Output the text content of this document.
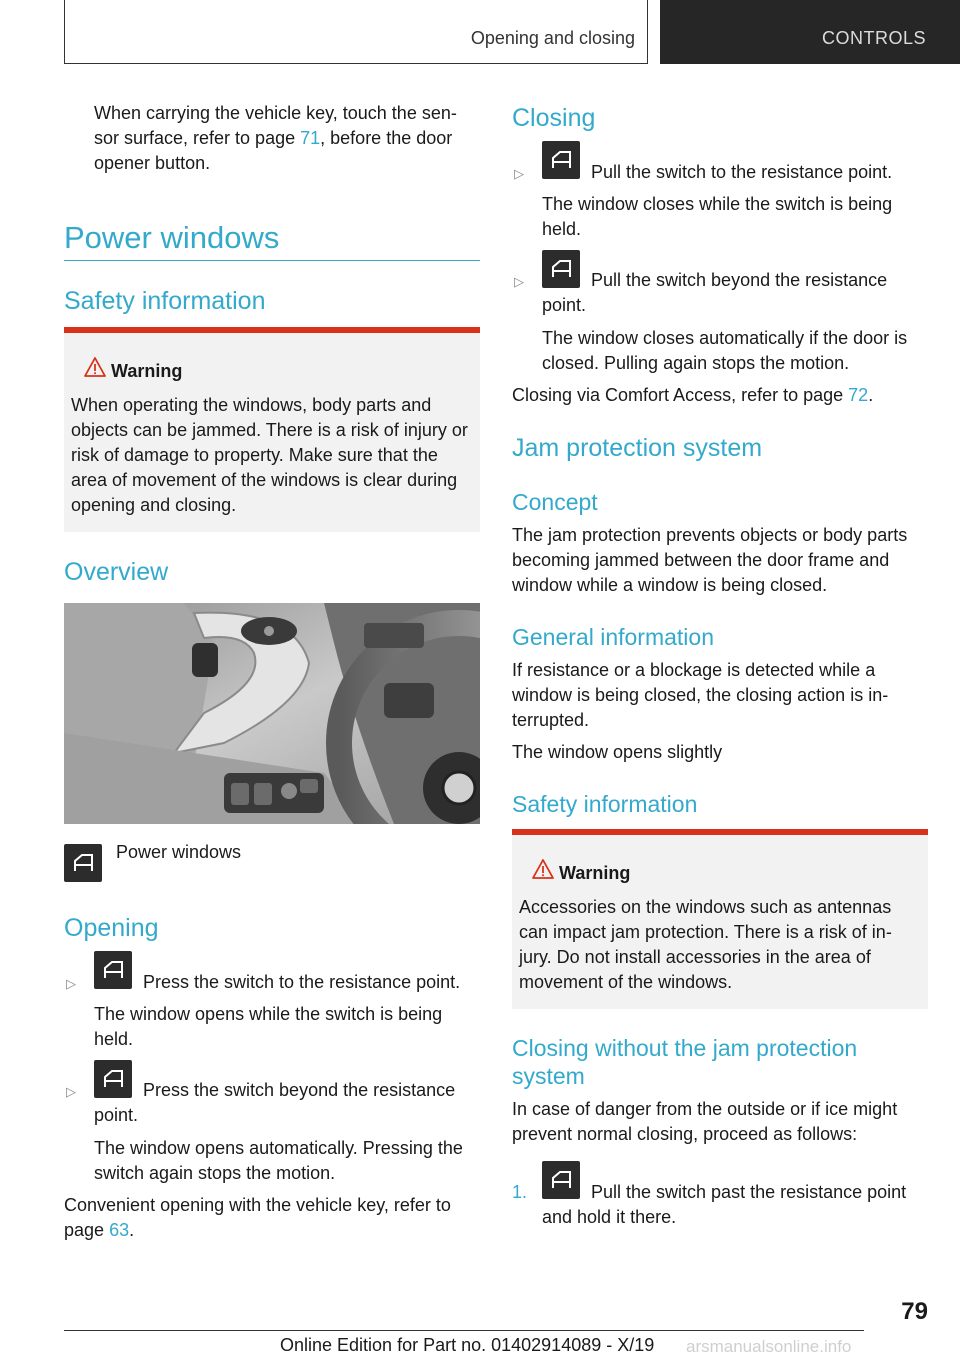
Opening and closing	CONTROLS
When carrying the vehicle key, touch the sen-
sor surface, refer to page 71, before the door
opener button.
Power windows
Safety information
Warning
When operating the windows, body parts and objects can be jammed. There is a risk of injury or risk of damage to property. Make sure that the area of movement of the windows is clear during opening and closing.
Overview
Power windows
Opening
▷	Press the switch to the resistance point.
The window opens while the switch is being held.
▷	Press the switch beyond the resistance
point.
The window opens automatically. Pressing the switch again stops the motion.
Convenient opening with the vehicle key, refer to page 63.
Closing
▷	Pull the switch to the resistance point.
The window closes while the switch is being held.
▷	Pull the switch beyond the resistance
point.
The window closes automatically if the door is closed. Pulling again stops the motion.
Closing via Comfort Access, refer to page 72.
Jam protection system
Concept
The jam protection prevents objects or body parts becoming jammed between the door frame and window while a window is being closed.
General information
If resistance or a blockage is detected while a window is being closed, the closing action is in-terrupted.
The window opens slightly
Safety information
Warning
Accessories on the windows such as antennas can impact jam protection. There is a risk of in-jury. Do not install accessories in the area of movement of the windows.
Closing without the jam protection system
In case of danger from the outside or if ice might prevent normal closing, proceed as follows:
1.	Pull the switch past the resistance point and hold it there.
79
Online Edition for Part no. 01402914089 - X/19 arsmanualsonline.info
